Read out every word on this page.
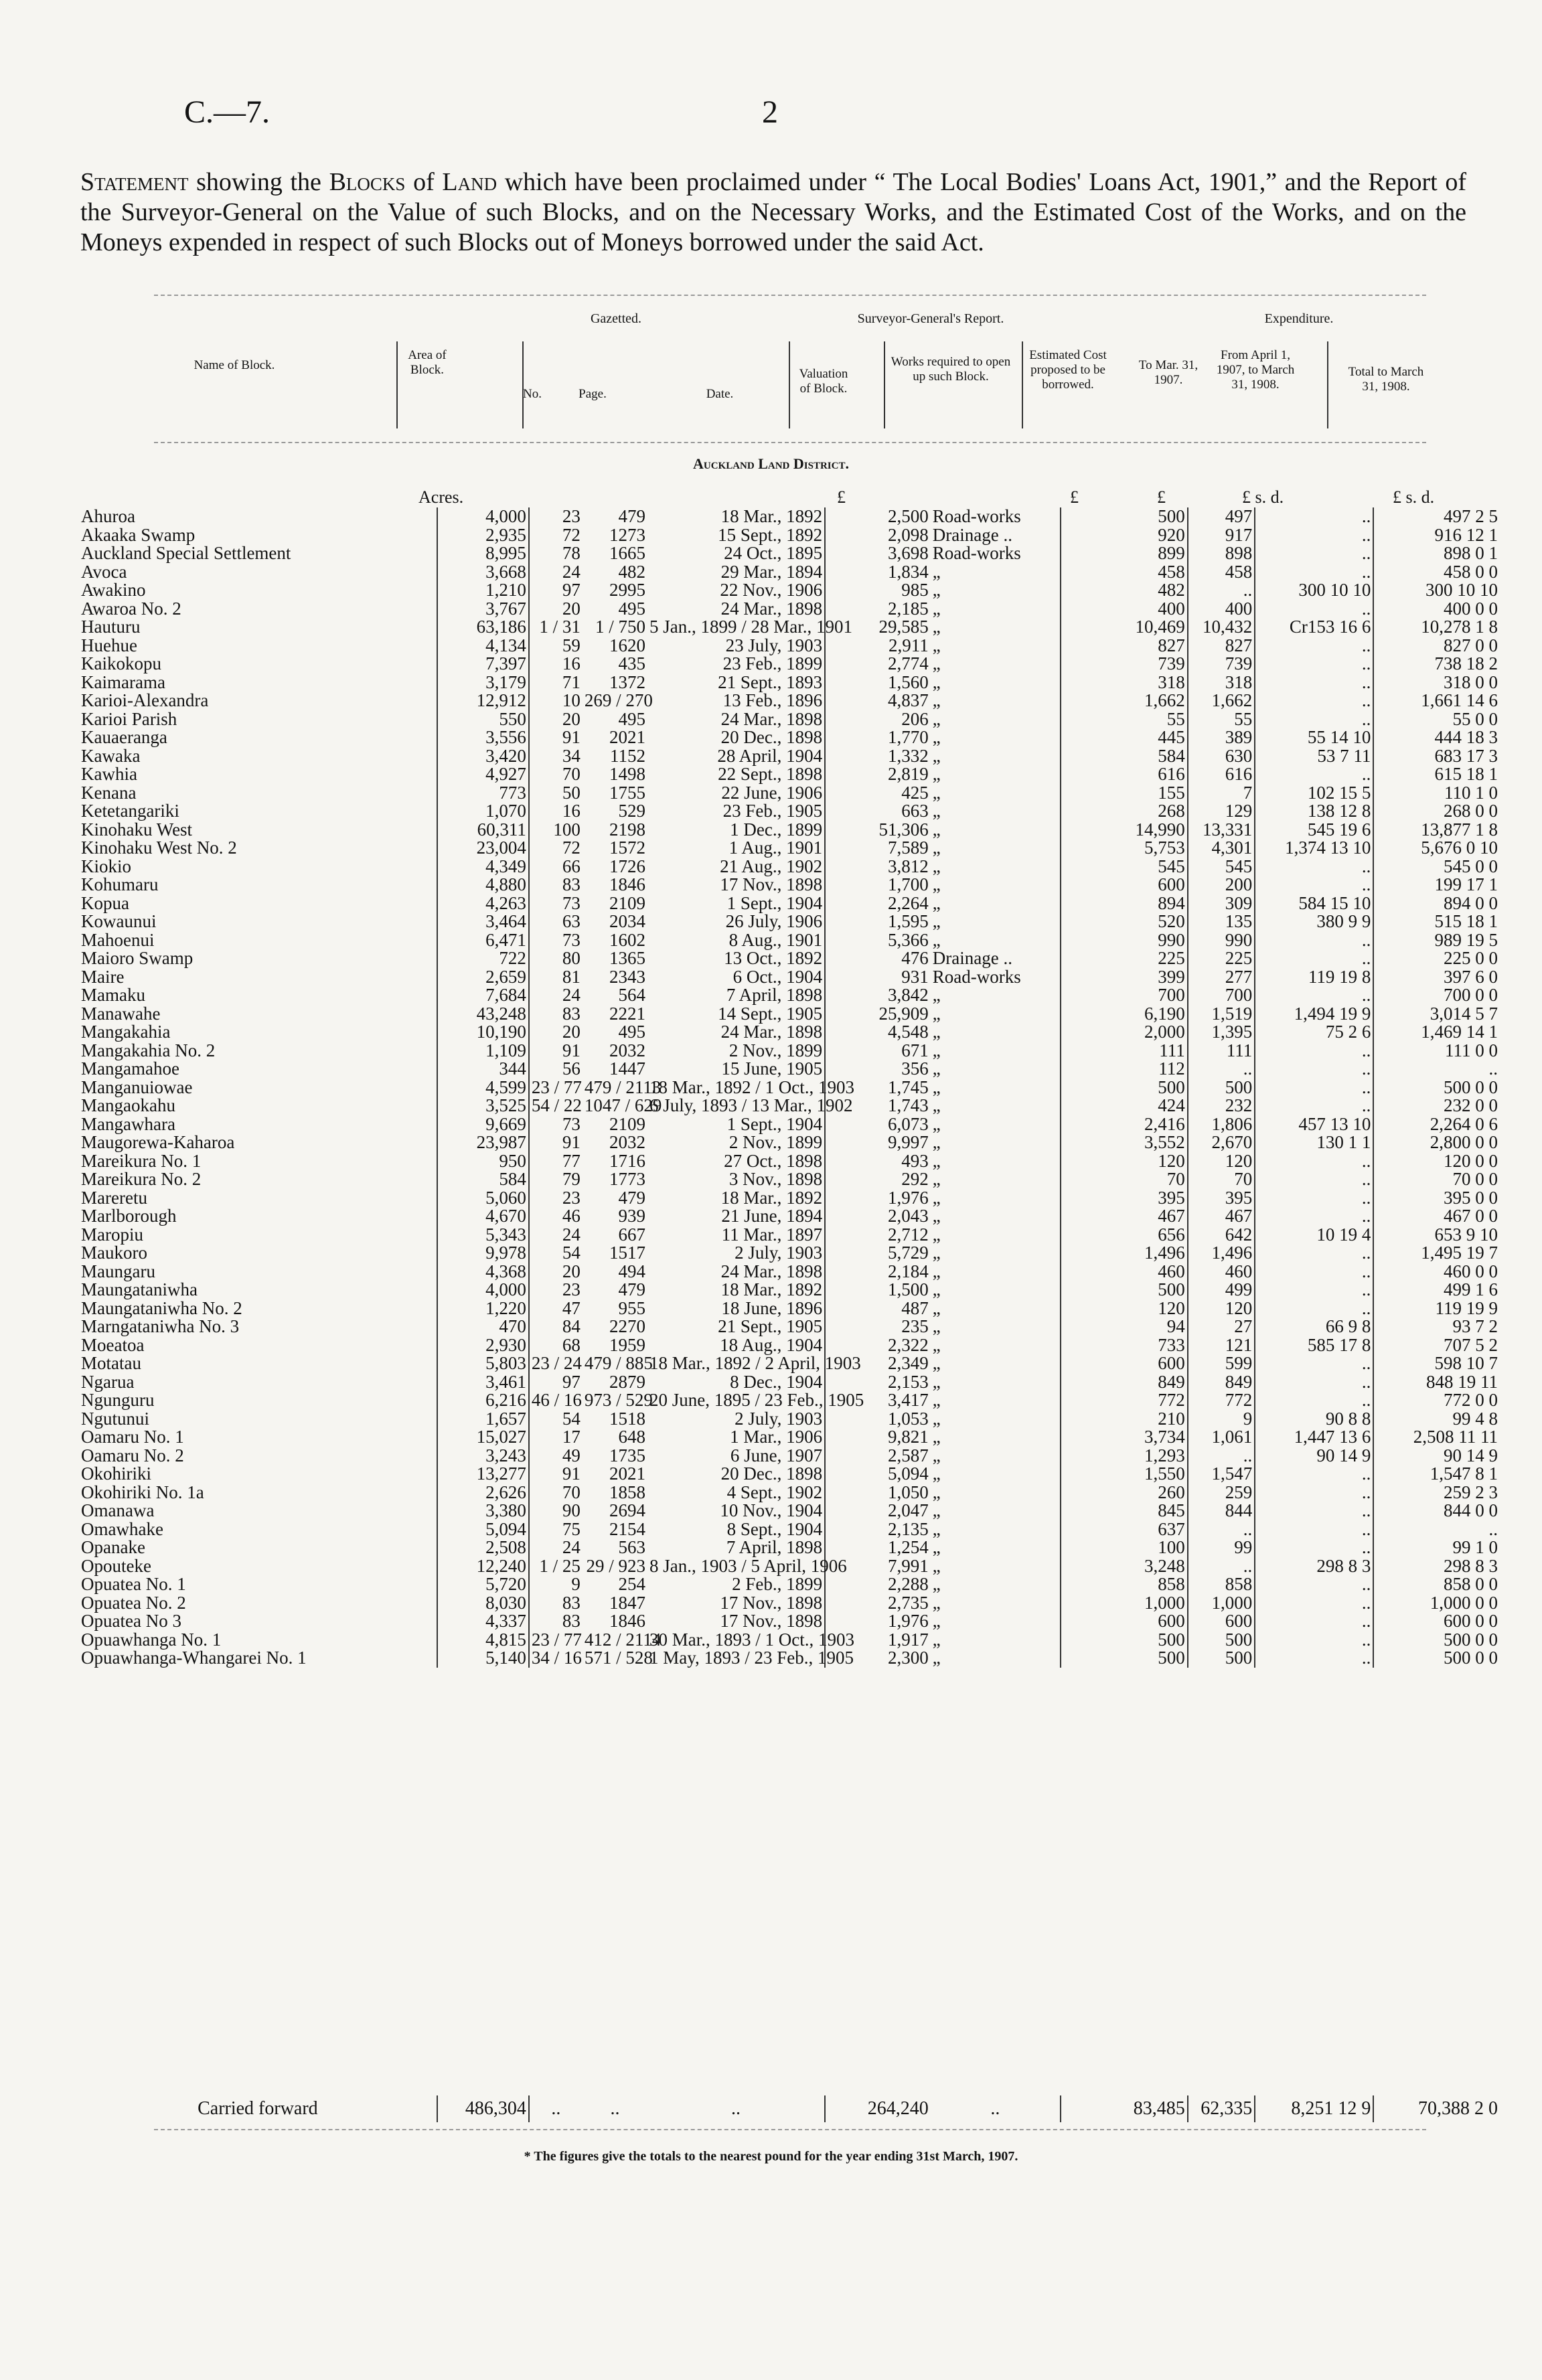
C.—7.	2

Statement showing the Blocks of Land which have been proclaimed under “ The Local Bodies' Loans Act, 1901,” and the Report of the Surveyor-General on the Value of such Blocks, and on the Necessary Works, and the Estimated Cost of the Works, and on the Moneys expended in respect of such Blocks out of Moneys borrowed under the said Act.

Gazetted.	Surveyor-General's Report.	Expenditure.
Name of Block.
Area of Block.
No.	Page.	Date.
Valuation of Block.
Works required to open up such Block.
Estimated Cost proposed to be borrowed.
To Mar. 31, 1907.
From April 1, 1907, to March 31, 1908.
Total to March 31, 1908.
Auckland Land District.
Acres.	£	£	£	£ s. d.	£ s. d.
Ahuroa	4,000	23	479	18 Mar., 1892	2,500	Road-works	500	497	..	497 2 5
Akaaka Swamp	2,935	72	1273	15 Sept., 1892	2,098	Drainage ..	920	917	..	916 12 1
Auckland Special Settlement	8,995	78	1665	24 Oct., 1895	3,698	Road-works	899	898	..	898 0 1
Avoca	3,668	24	482	29 Mar., 1894	1,834	„	458	458	..	458 0 0
Awakino	1,210	97	2995	22 Nov., 1906	985	„	482	..	300 10 10	300 10 10
Awaroa No. 2	3,767	20	495	24 Mar., 1898	2,185	„	400	400	..	400 0 0
Hauturu	63,186	1 / 31	1 / 750	5 Jan., 1899 / 28 Mar., 1901	29,585	„	10,469	10,432	Cr153 16 6	10,278 1 8
Huehue	4,134	59	1620	23 July, 1903	2,911	„	827	827	..	827 0 0
Kaikokopu	7,397	16	435	23 Feb., 1899	2,774	„	739	739	..	738 18 2
Kaimarama	3,179	71	1372	21 Sept., 1893	1,560	„	318	318	..	318 0 0
Karioi-Alexandra	12,912	10	269 / 270	13 Feb., 1896	4,837	„	1,662	1,662	..	1,661 14 6
Karioi Parish	550	20	495	24 Mar., 1898	206	„	55	55	..	55 0 0
Kauaeranga	3,556	91	2021	20 Dec., 1898	1,770	„	445	389	55 14 10	444 18 3
Kawaka	3,420	34	1152	28 April, 1904	1,332	„	584	630	53 7 11	683 17 3
Kawhia	4,927	70	1498	22 Sept., 1898	2,819	„	616	616	..	615 18 1
Kenana	773	50	1755	22 June, 1906	425	„	155	7	102 15 5	110 1 0
Ketetangariki	1,070	16	529	23 Feb., 1905	663	„	268	129	138 12 8	268 0 0
Kinohaku West	60,311	100	2198	1 Dec., 1899	51,306	„	14,990	13,331	545 19 6	13,877 1 8
Kinohaku West No. 2	23,004	72	1572	1 Aug., 1901	7,589	„	5,753	4,301	1,374 13 10	5,676 0 10
Kiokio	4,349	66	1726	21 Aug., 1902	3,812	„	545	545	..	545 0 0
Kohumaru	4,880	83	1846	17 Nov., 1898	1,700	„	600	200	..	199 17 1
Kopua	4,263	73	2109	1 Sept., 1904	2,264	„	894	309	584 15 10	894 0 0
Kowaunui	3,464	63	2034	26 July, 1906	1,595	„	520	135	380 9 9	515 18 1
Mahoenui	6,471	73	1602	8 Aug., 1901	5,366	„	990	990	..	989 19 5
Maioro Swamp	722	80	1365	13 Oct., 1892	476	Drainage ..	225	225	..	225 0 0
Maire	2,659	81	2343	6 Oct., 1904	931	Road-works	399	277	119 19 8	397 6 0
Mamaku	7,684	24	564	7 April, 1898	3,842	„	700	700	..	700 0 0
Manawahe	43,248	83	2221	14 Sept., 1905	25,909	„	6,190	1,519	1,494 19 9	3,014 5 7
Mangakahia	10,190	20	495	24 Mar., 1898	4,548	„	2,000	1,395	75 2 6	1,469 14 1
Mangakahia No. 2	1,109	91	2032	2 Nov., 1899	671	„	111	111	..	111 0 0
Mangamahoe	344	56	1447	15 June, 1905	356	„	112	..	..	..
Manganuiowae	4,599	23 / 77	479 / 2113	18 Mar., 1892 / 1 Oct., 1903	1,745	„	500	500	..	500 0 0
Mangaokahu	3,525	54 / 22	1047 / 629	6 July, 1893 / 13 Mar., 1902	1,743	„	424	232	..	232 0 0
Mangawhara	9,669	73	2109	1 Sept., 1904	6,073	„	2,416	1,806	457 13 10	2,264 0 6
Maugorewa-Kaharoa	23,987	91	2032	2 Nov., 1899	9,997	„	3,552	2,670	130 1 1	2,800 0 0
Mareikura No. 1	950	77	1716	27 Oct., 1898	493	„	120	120	..	120 0 0
Mareikura No. 2	584	79	1773	3 Nov., 1898	292	„	70	70	..	70 0 0
Mareretu	5,060	23	479	18 Mar., 1892	1,976	„	395	395	..	395 0 0
Marlborough	4,670	46	939	21 June, 1894	2,043	„	467	467	..	467 0 0
Maropiu	5,343	24	667	11 Mar., 1897	2,712	„	656	642	10 19 4	653 9 10
Maukoro	9,978	54	1517	2 July, 1903	5,729	„	1,496	1,496	..	1,495 19 7
Maungaru	4,368	20	494	24 Mar., 1898	2,184	„	460	460	..	460 0 0
Maungataniwha	4,000	23	479	18 Mar., 1892	1,500	„	500	499	..	499 1 6
Maungataniwha No. 2	1,220	47	955	18 June, 1896	487	„	120	120	..	119 19 9
Marngataniwha No. 3	470	84	2270	21 Sept., 1905	235	„	94	27	66 9 8	93 7 2
Moeatoa	2,930	68	1959	18 Aug., 1904	2,322	„	733	121	585 17 8	707 5 2
Motatau	5,803	23 / 24	479 / 885	18 Mar., 1892 / 2 April, 1903	2,349	„	600	599	..	598 10 7
Ngarua	3,461	97	2879	8 Dec., 1904	2,153	„	849	849	..	848 19 11
Ngunguru	6,216	46 / 16	973 / 529	20 June, 1895 / 23 Feb., 1905	3,417	„	772	772	..	772 0 0
Ngutunui	1,657	54	1518	2 July, 1903	1,053	„	210	9	90 8 8	99 4 8
Oamaru No. 1	15,027	17	648	1 Mar., 1906	9,821	„	3,734	1,061	1,447 13 6	2,508 11 11
Oamaru No. 2	3,243	49	1735	6 June, 1907	2,587	„	1,293	..	90 14 9	90 14 9
Okohiriki	13,277	91	2021	20 Dec., 1898	5,094	„	1,550	1,547	..	1,547 8 1
Okohiriki No. 1a	2,626	70	1858	4 Sept., 1902	1,050	„	260	259	..	259 2 3
Omanawa	3,380	90	2694	10 Nov., 1904	2,047	„	845	844	..	844 0 0
Omawhake	5,094	75	2154	8 Sept., 1904	2,135	„	637	..	..	..
Opanake	2,508	24	563	7 April, 1898	1,254	„	100	99	..	99 1 0
Opouteke	12,240	1 / 25	29 / 923	8 Jan., 1903 / 5 April, 1906	7,991	„	3,248	..	298 8 3	298 8 3
Opuatea No. 1	5,720	9	254	2 Feb., 1899	2,288	„	858	858	..	858 0 0
Opuatea No. 2	8,030	83	1847	17 Nov., 1898	2,735	„	1,000	1,000	..	1,000 0 0
Opuatea No 3	4,337	83	1846	17 Nov., 1898	1,976	„	600	600	..	600 0 0
Opuawhanga No. 1	4,815	23 / 77	412 / 2114	30 Mar., 1893 / 1 Oct., 1903	1,917	„	500	500	..	500 0 0
Opuawhanga-Whangarei No. 1	5,140	34 / 16	571 / 528	1 May, 1893 / 23 Feb., 1905	2,300	„	500	500	..	500 0 0
Carried forward	486,304	..	..	..	264,240	..	83,485	62,335	8,251 12 9	70,388 2 0
* The figures give the totals to the nearest pound for the year ending 31st March, 1907.
